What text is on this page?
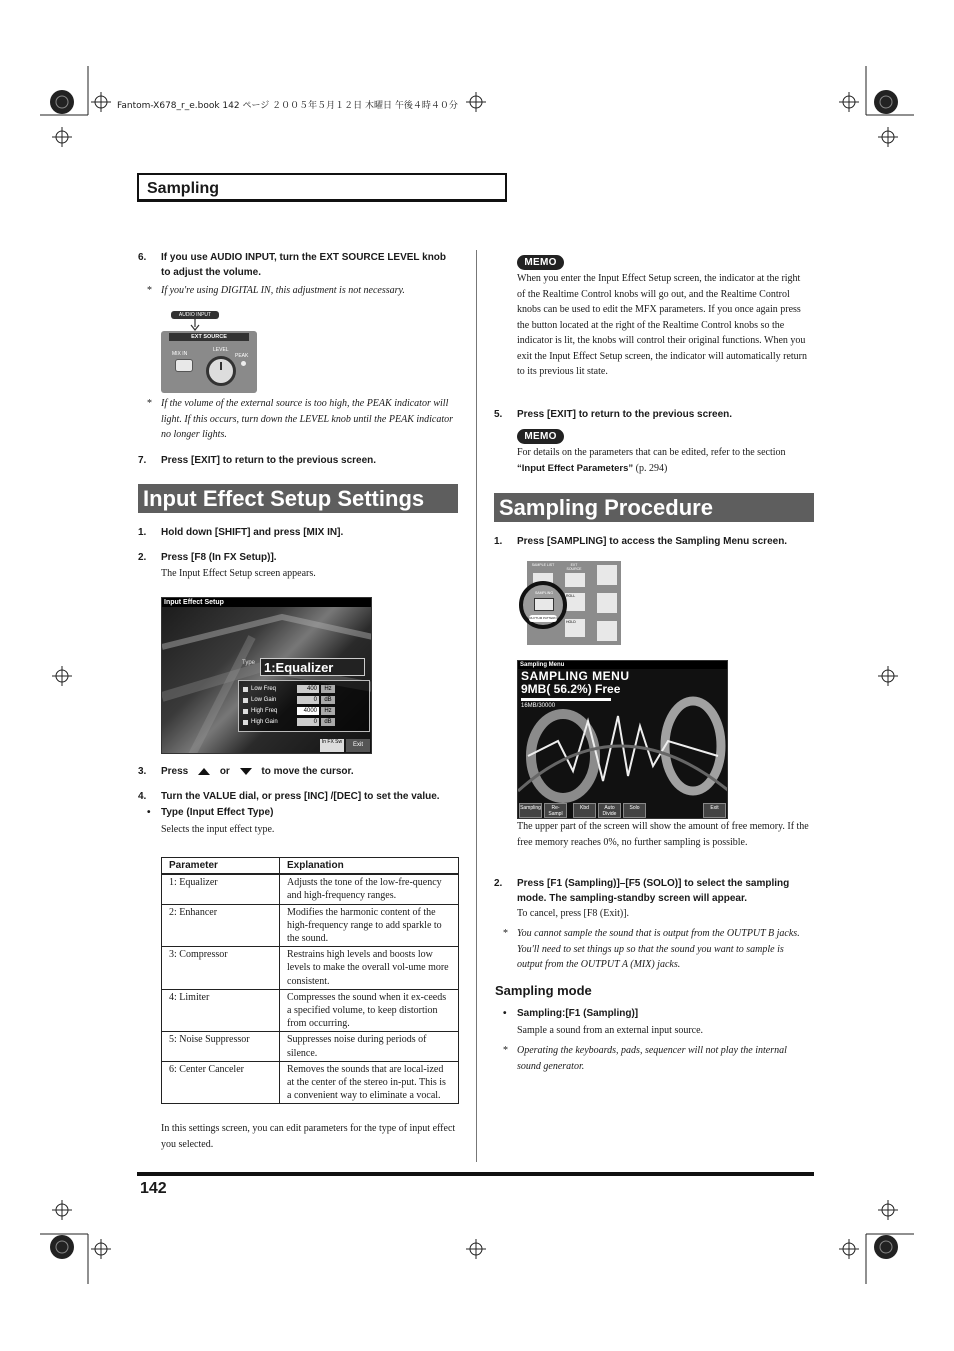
Fantom-X678_r_e.book 142 ページ ２００５年５月１２日 木曜日 午後４時４０分
Sampling
6. If you use AUDIO INPUT, turn the EXT SOURCE LEVEL knob to adjust the volume.
* If you're using DIGITAL IN, this adjustment is not necessary.
AUDIO INPUT
EXT SOURCE
MIX IN
LEVEL
PEAK
* If the volume of the external source is too high, the PEAK indicator will light. If this occurs, turn down the LEVEL knob until the PEAK indicator no longer lights.
7. Press [EXIT] to return to the previous screen.
Input Effect Setup Settings
1. Hold down [SHIFT] and press [MIX IN].
2. Press [F8 (In FX Setup)].
The Input Effect Setup screen appears.
Input Effect Setup
Type 1:Equalizer
Low Freq	400	Hz
Low Gain	0	dB
High Freq	4000	Hz
High Gain	0	dB
In FX Sw	Exit
3. Press	or	to move the cursor.
4. Turn the VALUE dial, or press [INC] /[DEC] to set the value.
• Type (Input Effect Type)
Selects the input effect type.
Parameter	Explanation
1: Equalizer	Adjusts the tone of the low-fre-quency and high-frequency ranges.
2: Enhancer	Modifies the harmonic content of the high-frequency range to add sparkle to the sound.
3: Compressor	Restrains high levels and boosts low levels to make the overall vol-ume more consistent.
4: Limiter	Compresses the sound when it ex-ceeds a specified volume, to keep distortion from occurring.
5: Noise Suppressor	Suppresses noise during periods of silence.
6: Center Canceler	Removes the sounds that are local-ized at the center of the stereo in-put. This is a convenient way to eliminate a vocal.
In this settings screen, you can edit parameters for the type of input effect you selected.
MEMO
When you enter the Input Effect Setup screen, the indicator at the right of the Realtime Control knobs will go out, and the Realtime Control knobs can be used to edit the MFX parameters. If you once again press the button located at the right of the Realtime Control knobs so the indicator is lit, the knobs will control their original functions. When you exit the Input Effect Setup screen, the indicator will automatically return to its previous lit state.
5. Press [EXIT] to return to the previous screen.
MEMO
For details on the parameters that can be edited, refer to the section “Input Effect Parameters” (p. 294)
Sampling Procedure
1. Press [SAMPLING] to access the Sampling Menu screen.
SAMPLE LIST	EXT SOURCE
ROLL
HOLD
SAMPLING
RHYTHM PATTERN
Sampling Menu
SAMPLING MENU
9MB( 56.2%) Free
16MB/30000
Sampling	Re-Sampl
Kbd	Auto Divide
Solo	Exit
The upper part of the screen will show the amount of free memory. If the free memory reaches 0%, no further sampling is possible.
2. Press [F1 (Sampling)]–[F5 (SOLO)] to select the sampling mode. The sampling-standby screen will appear.
To cancel, press [F8 (Exit)].
* You cannot sample the sound that is output from the OUTPUT B jacks. You'll need to set things up so that the sound you want to sample is output from the OUTPUT A (MIX) jacks.
Sampling mode
• Sampling:[F1 (Sampling)]
Sample a sound from an external input source.
* Operating the keyboards, pads, sequencer will not play the internal sound generator.
142
